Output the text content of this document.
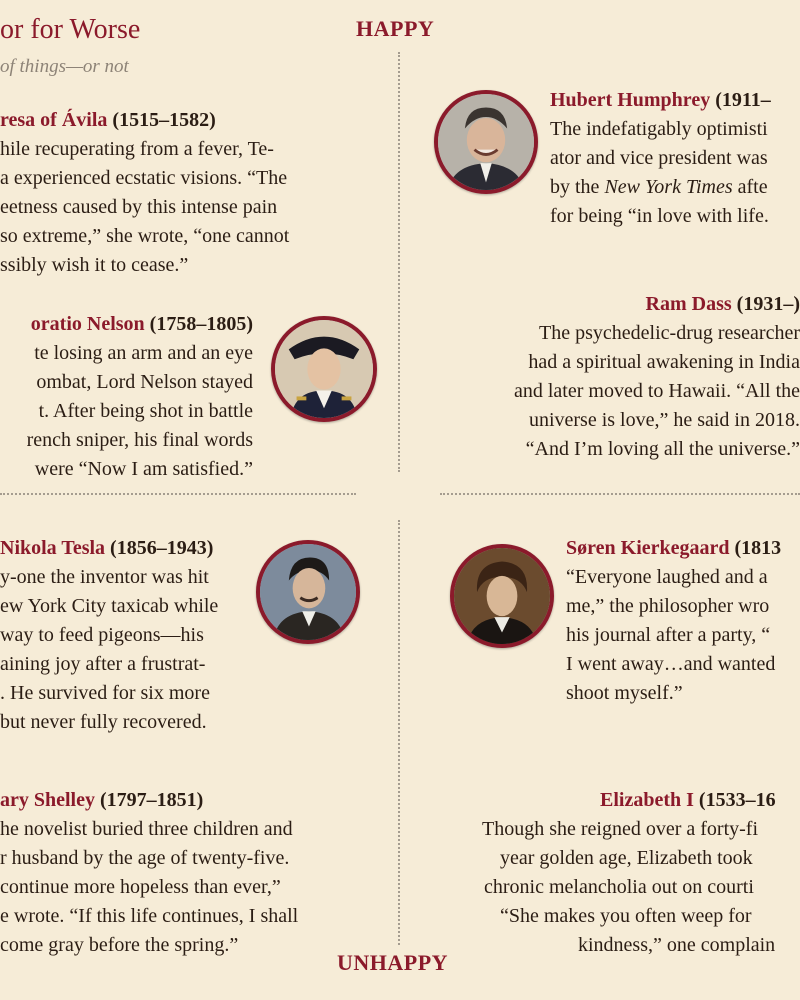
or for Worse
of things—or not
HAPPY
UNHAPPY

resa of Ávila (1515–1582)

hile recuperating from a fever, Te-

a experienced ecstatic visions. “The

eetness caused by this intense pain

so extreme,” she wrote, “one cannot

ssibly wish it to cease.”

oratio Nelson (1758–1805)

te losing an arm and an eye

ombat, Lord Nelson stayed

t. After being shot in battle

rench sniper, his final words

were “Now I am satisfied.”

Nikola Tesla (1856–1943)

y-one the inventor was hit

ew York City taxicab while

way to feed pigeons—his

aining joy after a frustrat-

. He survived for six more

but never fully recovered.

ary Shelley (1797–1851)

he novelist buried three children and

r husband by the age of twenty-five.

continue more hopeless than ever,”

e wrote. “If this life continues, I shall

come gray before the spring.”

Hubert Humphrey (1911–

The indefatigably optimisti

ator and vice president was

by the New York Times afte

for being “in love with life.

Ram Dass (1931–)

The psychedelic-drug researcher

had a spiritual awakening in India

and later moved to Hawaii. “All the

universe is love,” he said in 2018.

“And I’m loving all the universe.”

Søren Kierkegaard (1813

“Everyone laughed and a

me,” the philosopher wro

his journal after a party, “

I went away…and wanted

shoot myself.”

Elizabeth I (1533–16

Though she reigned over a forty-fi

year golden age, Elizabeth took

chronic melancholia out on courti

“She makes you often weep for

kindness,” one complain
